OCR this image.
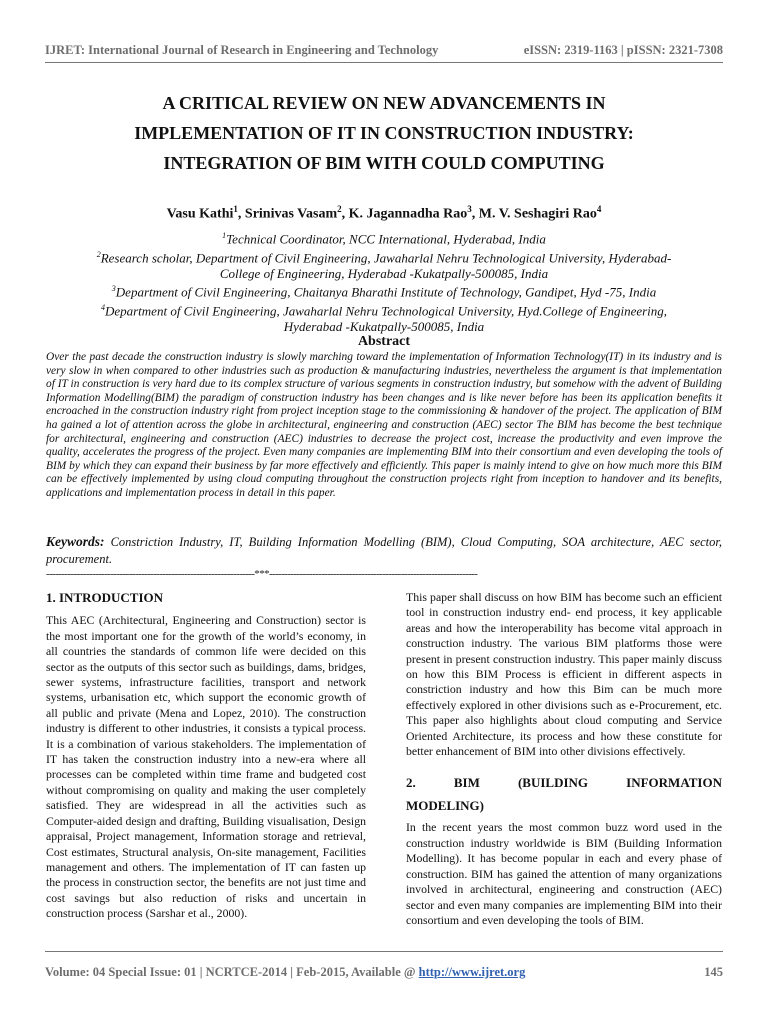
IJRET: International Journal of Research in Engineering and Technology	eISSN: 2319-1163 | pISSN: 2321-7308
A CRITICAL REVIEW ON NEW ADVANCEMENTS IN
IMPLEMENTATION OF IT IN CONSTRUCTION INDUSTRY:
INTEGRATION OF BIM WITH COULD COMPUTING
Vasu Kathi$^1$, Srinivas Vasam$^2$, K. Jagannadha Rao$^3$, M. V. Seshagiri Rao$^4$
$^1$Technical Coordinator, NCC International, Hyderabad, India
$^2$Research scholar, Department of Civil Engineering, Jawaharlal Nehru Technological University, Hyderabad-
College of Engineering, Hyderabad -Kukatpally-500085, India
$^3$Department of Civil Engineering, Chaitanya Bharathi Institute of Technology, Gandipet, Hyd -75, India
$^4$Department of Civil Engineering, Jawaharlal Nehru Technological University, Hyd.College of Engineering,
Hyderabad -Kukatpally-500085, India
Abstract

Over the past decade the construction industry is slowly marching toward the implementation of Information Technology(IT) in its industry and is very slow in when compared to other industries such as production & manufacturing industries, nevertheless the argument is that implementation of IT in construction is very hard due to its complex structure of various segments in construction industry, but somehow with the advent of Building Information Modelling(BIM) the paradigm of construction industry has been changes and is like never before has been its application benefits it encroached in the construction industry right from project inception stage to the commissioning & handover of the project. The application of BIM ha gained a lot of attention across the globe in architectural, engineering and construction (AEC) sector The BIM has become the best technique for architectural, engineering and construction (AEC) industries to decrease the project cost, increase the productivity and even improve the quality, accelerates the progress of the project. Even many companies are implementing BIM into their consortium and even developing the tools of BIM by which they can expand their business by far more effectively and efficiently. This paper is mainly intend to give on how much more this BIM can be effectively implemented by using cloud computing throughout the construction projects right from inception to handover and its benefits, applications and implementation process in detail in this paper.

Keywords: Constriction Industry, IT, Building Information Modelling (BIM), Cloud Computing, SOA architecture, AEC sector, procurement.

--------------------------------------------------------------------***--------------------------------------------------------------------
1. INTRODUCTION

This AEC (Architectural, Engineering and Construction) sector is the most important one for the growth of the world’s economy, in all countries the standards of common life were decided on this sector as the outputs of this sector such as buildings, dams, bridges, sewer systems, infrastructure facilities, transport and network systems, urbanisation etc, which support the economic growth of all public and private (Mena and Lopez, 2010). The construction industry is different to other industries, it consists a typical process. It is a combination of various stakeholders. The implementation of IT has taken the construction industry into a new-era where all processes can be completed within time frame and budgeted cost without compromising on quality and making the user completely satisfied. They are widespread in all the activities such as Computer-aided design and drafting, Building visualisation, Design appraisal, Project management, Information storage and retrieval, Cost estimates, Structural analysis, On-site management, Facilities management and others. The implementation of IT can fasten up the process in construction sector, the benefits are not just time and cost savings but also reduction of risks and uncertain in construction process (Sarshar et al., 2000).

This paper shall discuss on how BIM has become such an efficient tool in construction industry end- end process, it key applicable areas and how the interoperability has become vital approach in construction industry. The various BIM platforms those were present in present construction industry. This paper mainly discuss on how this BIM Process is efficient in different aspects in constriction industry and how this Bim can be much more effectively explored in other divisions such as e-Procurement, etc. This paper also highlights about cloud computing and Service Oriented Architecture, its process and how these constitute for better enhancement of BIM into other divisions effectively.

2.	BIM	(BUILDING	INFORMATION
MODELING)

In the recent years the most common buzz word used in the construction industry worldwide is BIM (Building Information Modelling). It has become popular in each and every phase of construction. BIM has gained the attention of many organizations involved in architectural, engineering and construction (AEC) sector and even many companies are implementing BIM into their consortium and even developing the tools of BIM.

Volume: 04 Special Issue: 01 | NCRTCE-2014 | Feb-2015, Available @ http://www.ijret.org	145
